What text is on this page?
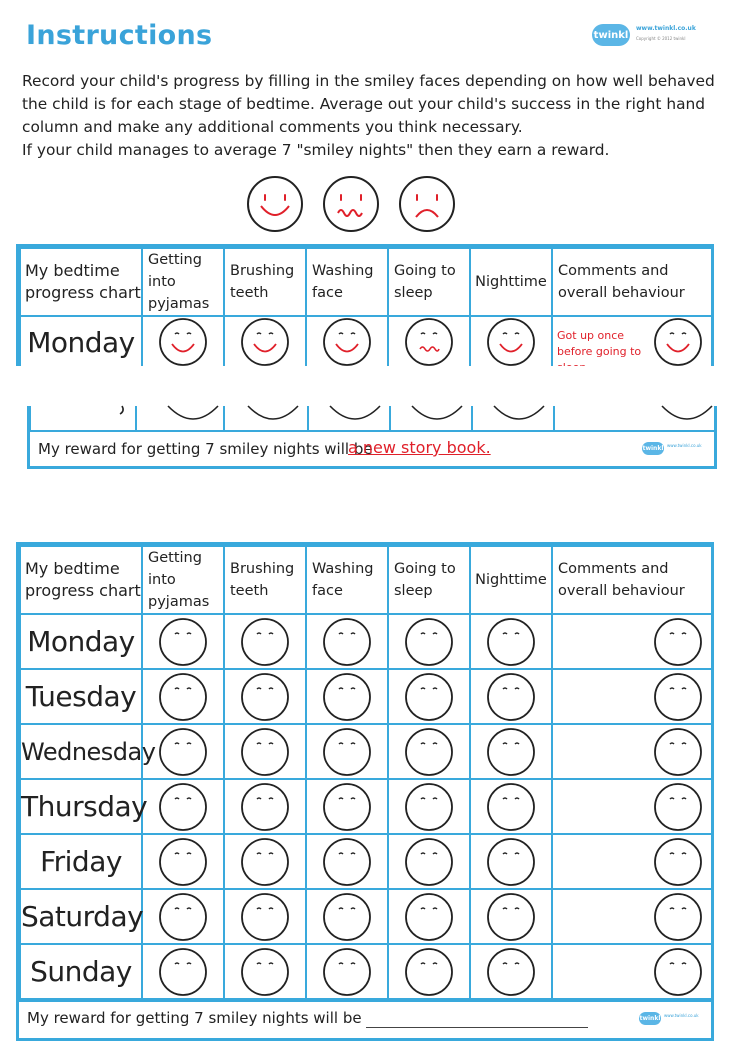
Instructions	twinkl
www.twinkl.co.uk
Copyright © 2012 twinkl

Record your child's progress by filling in the smiley faces depending on how well behaved the child is for each stage of bedtime. Average out your child's success in the right hand column and make any additional comments you think necessary.

If your child manages to average 7 "smiley nights" then they earn a reward.

My bedtime progress chart	Getting into pyjamas	Brushing teeth	Washing face	Going to sleep	Nighttime	Comments and overall behaviour

Monday						Got up once before going to
My reward for getting 7 smiley nights will be
a new story book.	twinkl www.twinkl.co.uk
My bedtime progress chart	Getting into pyjamas	Brushing teeth	Washing face	Going to sleep	Nighttime	Comments and overall behaviour

Monday	

Tuesday	

Wednesday	

Thursday	

Friday	

Saturday	

Sunday	

My reward for getting 7 smiley nights will be	twinkl www.twinkl.co.uk
